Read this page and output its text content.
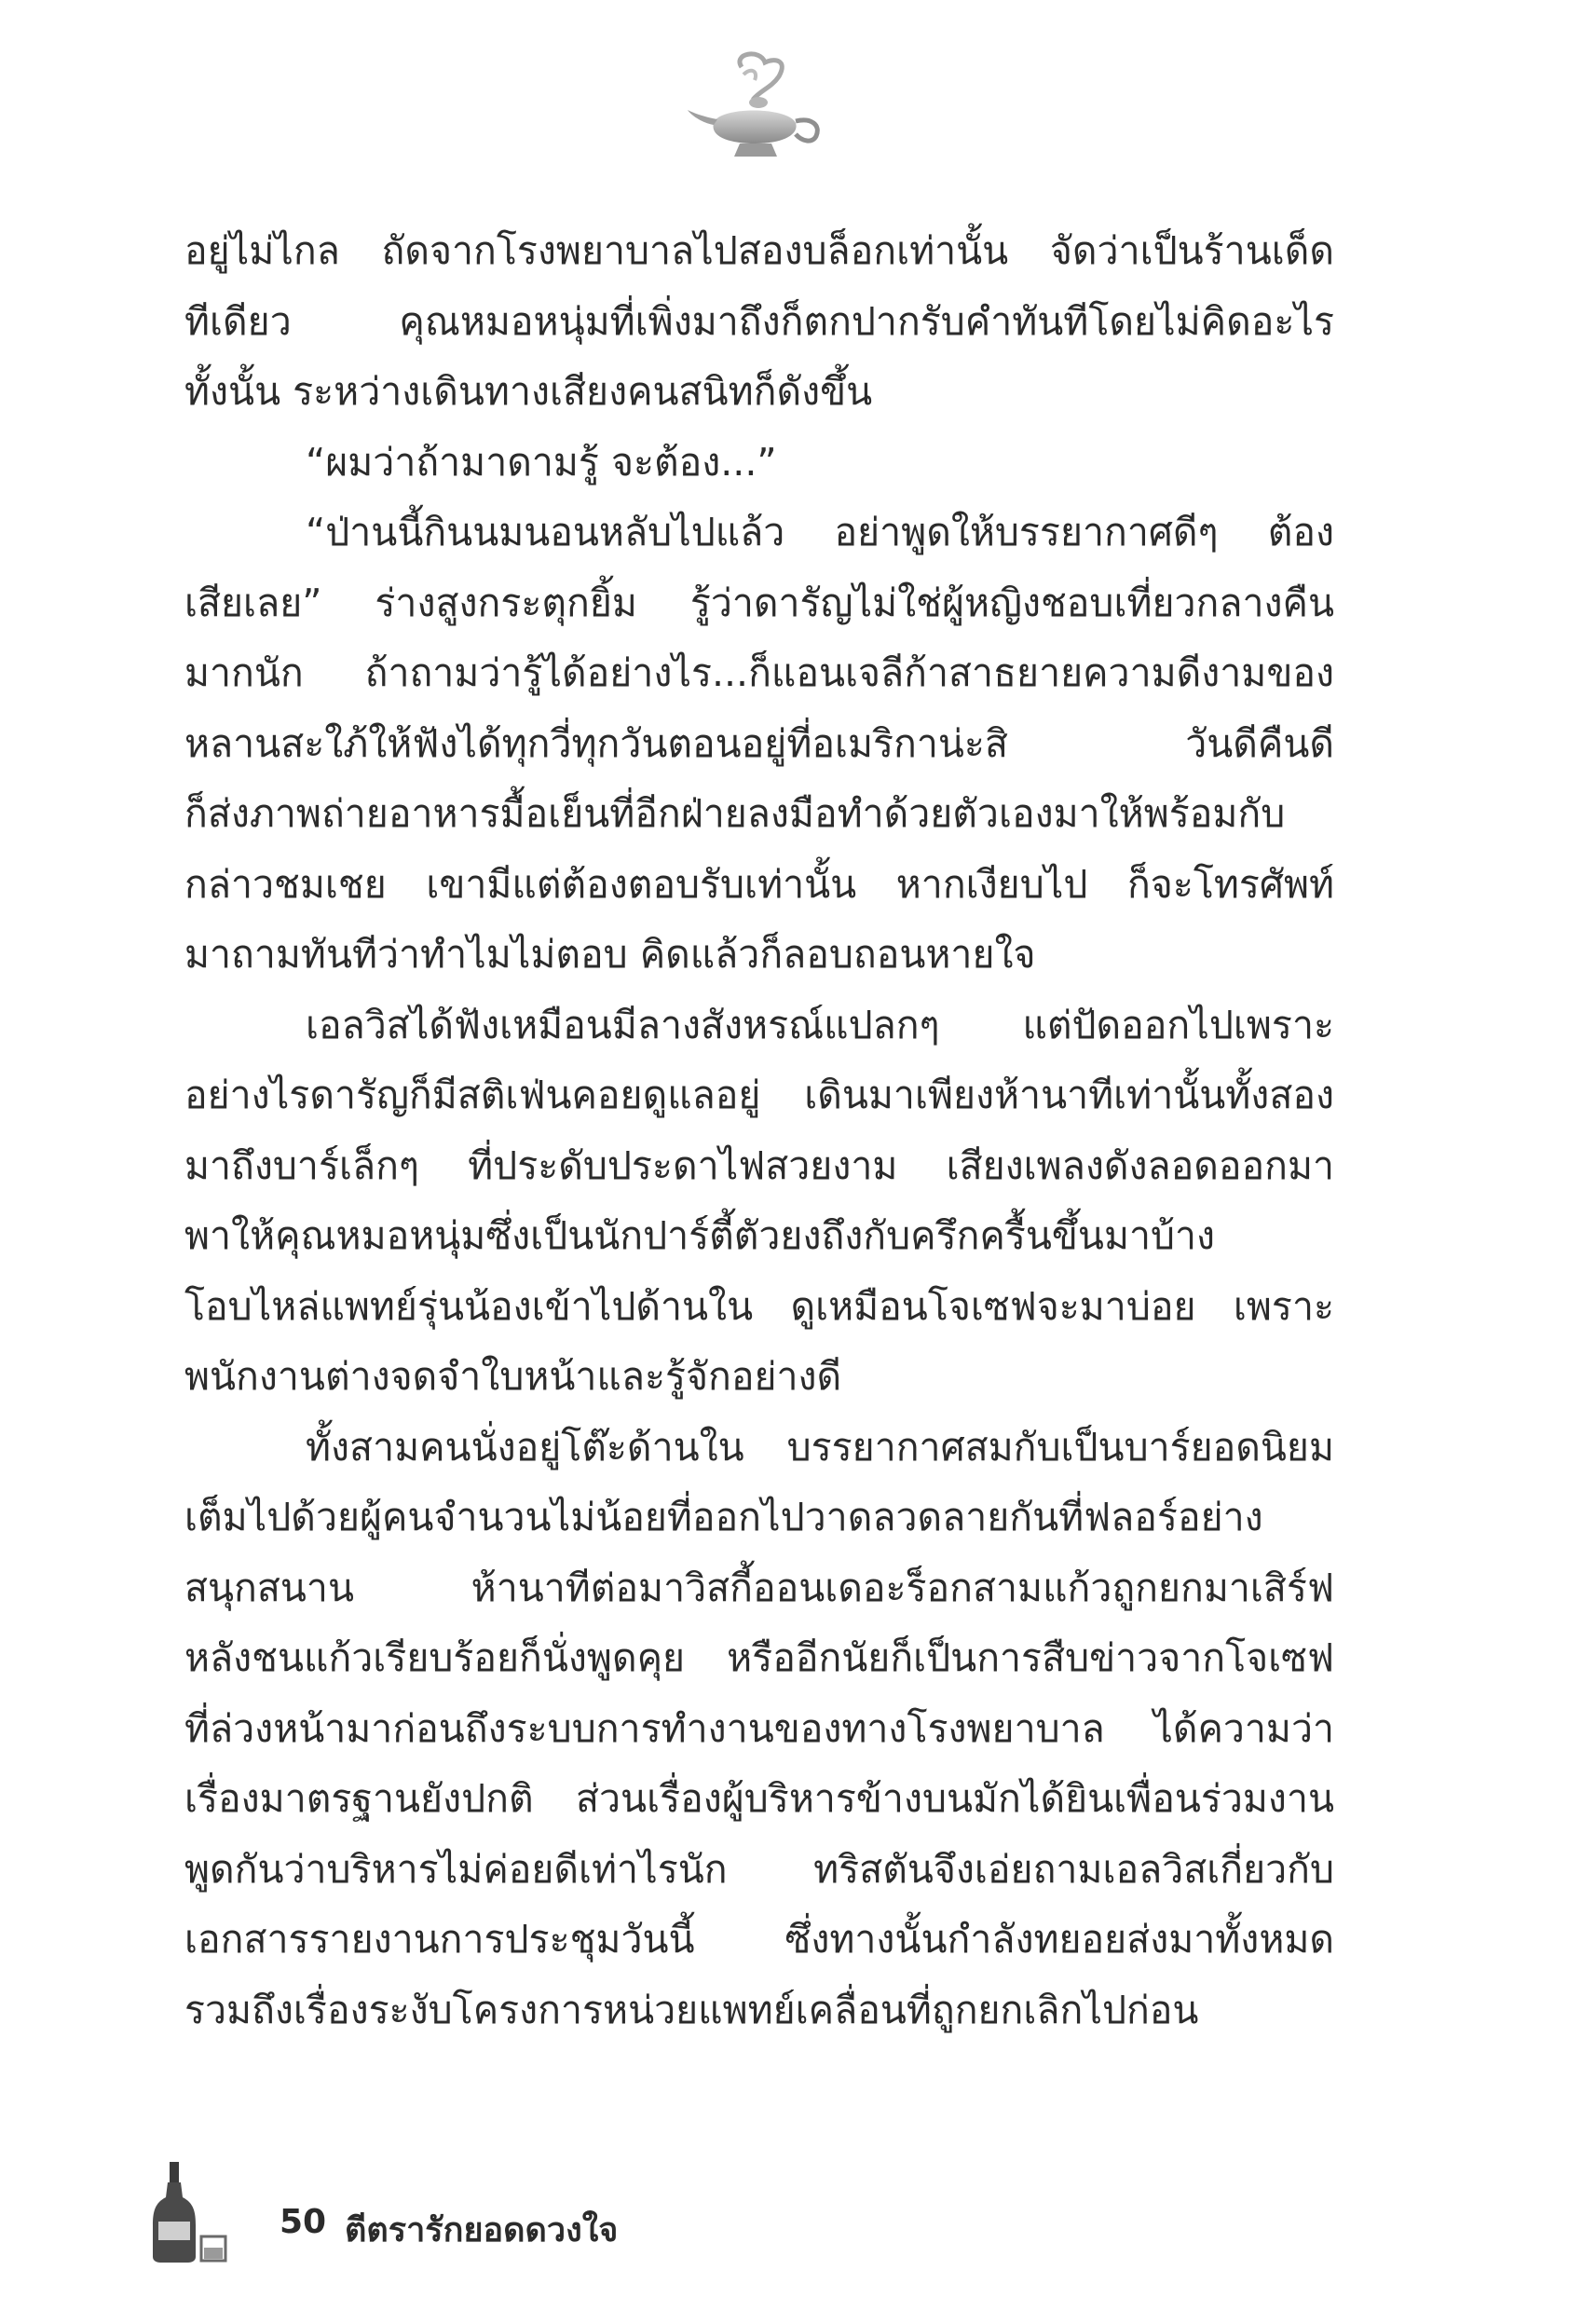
อยู่ไม่ไกล ถัดจากโรงพยาบาลไปสองบล็อกเท่านั้น จัดว่าเป็นร้านเด็ด
ทีเดียว คุณหมอหนุ่มที่เพิ่งมาถึงก็ตกปากรับคำทันทีโดยไม่คิดอะไร
ทั้งนั้น ระหว่างเดินทางเสียงคนสนิทก็ดังขึ้น
“ผมว่าถ้ามาดามรู้ จะต้อง...”
“ป่านนี้กินนมนอนหลับไปแล้ว อย่าพูดให้บรรยากาศดีๆ ต้อง
เสียเลย” ร่างสูงกระตุกยิ้ม รู้ว่าดารัญไม่ใช่ผู้หญิงชอบเที่ยวกลางคืน
มากนัก ถ้าถามว่ารู้ได้อย่างไร...ก็แอนเจลีก้าสาธยายความดีงามของ
หลานสะใภ้ให้ฟังได้ทุกวี่ทุกวันตอนอยู่ที่อเมริกาน่ะสิ วันดีคืนดี
ก็ส่งภาพถ่ายอาหารมื้อเย็นที่อีกฝ่ายลงมือทำด้วยตัวเองมาให้พร้อมกับ
กล่าวชมเชย เขามีแต่ต้องตอบรับเท่านั้น หากเงียบไป ก็จะโทรศัพท์
มาถามทันทีว่าทำไมไม่ตอบ คิดแล้วก็ลอบถอนหายใจ
เอลวิสได้ฟังเหมือนมีลางสังหรณ์แปลกๆ แต่ปัดออกไปเพราะ
อย่างไรดารัญก็มีสติเฟ่นคอยดูแลอยู่ เดินมาเพียงห้านาทีเท่านั้นทั้งสอง
มาถึงบาร์เล็กๆ ที่ประดับประดาไฟสวยงาม เสียงเพลงดังลอดออกมา
พาให้คุณหมอหนุ่มซึ่งเป็นนักปาร์ตี้ตัวยงถึงกับครึกครื้นขึ้นมาบ้าง
โอบไหล่แพทย์รุ่นน้องเข้าไปด้านใน ดูเหมือนโจเซฟจะมาบ่อย เพราะ
พนักงานต่างจดจำใบหน้าและรู้จักอย่างดี
ทั้งสามคนนั่งอยู่โต๊ะด้านใน บรรยากาศสมกับเป็นบาร์ยอดนิยม
เต็มไปด้วยผู้คนจำนวนไม่น้อยที่ออกไปวาดลวดลายกันที่ฟลอร์อย่าง
สนุกสนาน ห้านาทีต่อมาวิสกี้ออนเดอะร็อกสามแก้วถูกยกมาเสิร์ฟ
หลังชนแก้วเรียบร้อยก็นั่งพูดคุย หรืออีกนัยก็เป็นการสืบข่าวจากโจเซฟ
ที่ล่วงหน้ามาก่อนถึงระบบการทำงานของทางโรงพยาบาล ได้ความว่า
เรื่องมาตรฐานยังปกติ ส่วนเรื่องผู้บริหารข้างบนมักได้ยินเพื่อนร่วมงาน
พูดกันว่าบริหารไม่ค่อยดีเท่าไรนัก ทริสตันจึงเอ่ยถามเอลวิสเกี่ยวกับ
เอกสารรายงานการประชุมวันนี้ ซึ่งทางนั้นกำลังทยอยส่งมาทั้งหมด
รวมถึงเรื่องระงับโครงการหน่วยแพทย์เคลื่อนที่ถูกยกเลิกไปก่อน
50 ตีตรารักยอดดวงใจ
